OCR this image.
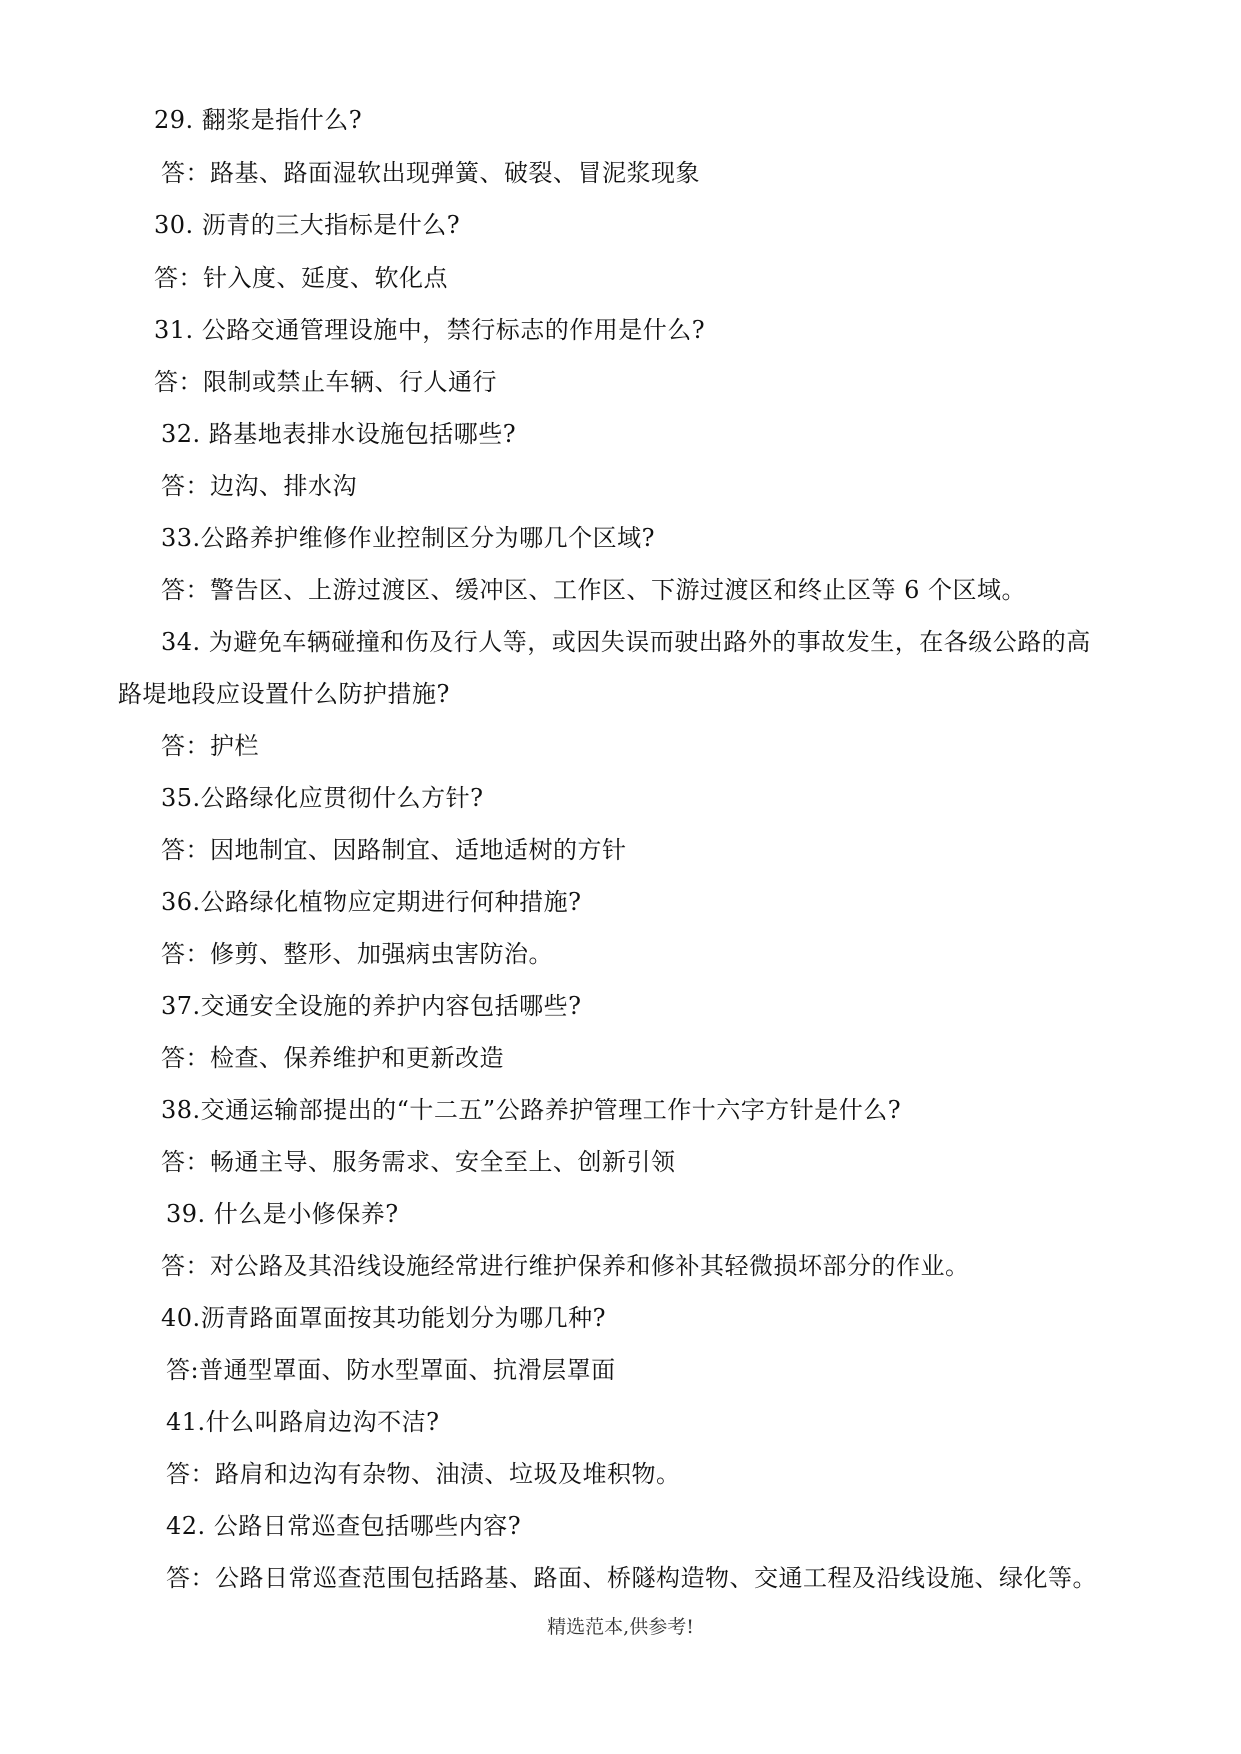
29. 翻浆是指什么?
答：路基、路面湿软出现弹簧、破裂、冒泥浆现象
30. 沥青的三大指标是什么?
答：针入度、延度、软化点
31. 公路交通管理设施中，禁行标志的作用是什么?
答：限制或禁止车辆、行人通行
32. 路基地表排水设施包括哪些?
答：边沟、排水沟
33.公路养护维修作业控制区分为哪几个区域?
答：警告区、上游过渡区、缓冲区、工作区、下游过渡区和终止区等 6 个区域。
34. 为避免车辆碰撞和伤及行人等，或因失误而驶出路外的事故发生，在各级公路的高
路堤地段应设置什么防护措施?
答：护栏
35.公路绿化应贯彻什么方针?
答：因地制宜、因路制宜、适地适树的方针
36.公路绿化植物应定期进行何种措施?
答：修剪、整形、加强病虫害防治。
37.交通安全设施的养护内容包括哪些?
答：检查、保养维护和更新改造
38.交通运输部提出的“十二五”公路养护管理工作十六字方针是什么?
答：畅通主导、服务需求、安全至上、创新引领
39. 什么是小修保养?
答：对公路及其沿线设施经常进行维护保养和修补其轻微损坏部分的作业。
40.沥青路面罩面按其功能划分为哪几种?
答:普通型罩面、防水型罩面、抗滑层罩面
41.什么叫路肩边沟不洁?
答：路肩和边沟有杂物、油渍、垃圾及堆积物。
42. 公路日常巡查包括哪些内容?
答：公路日常巡查范围包括路基、路面、桥隧构造物、交通工程及沿线设施、绿化等。
精选范本,供参考!
